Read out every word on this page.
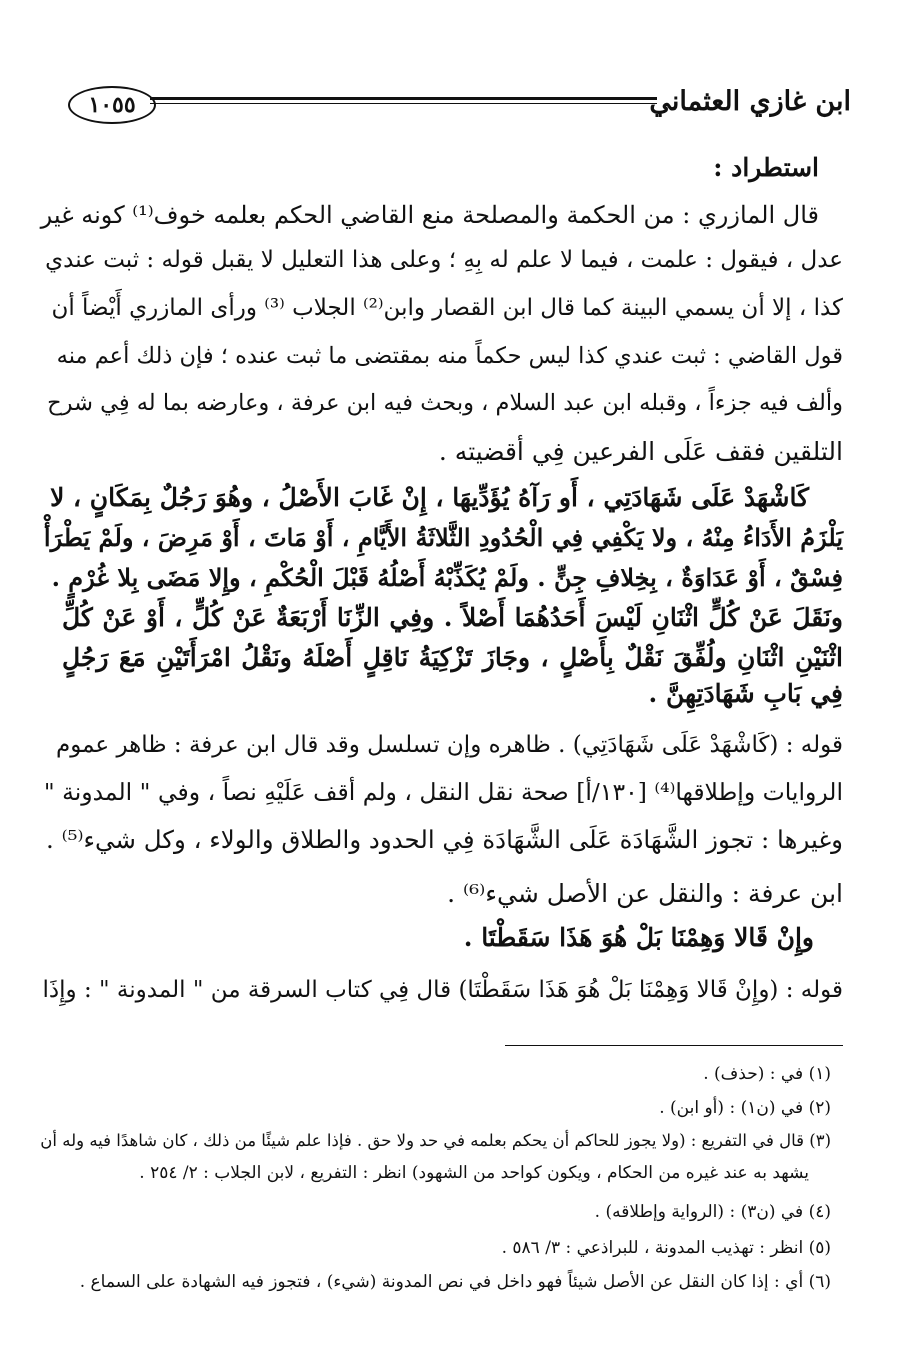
ابن غازي العثماني
١٠٥٥
استطراد :
قال المازري : من الحكمة والمصلحة منع القاضي الحكم بعلمه خوف⁽¹⁾ كونه غير
عدل ، فيقول : علمت ، فيما لا علم له بِهِ ؛ وعلى هذا التعليل لا يقبل قوله : ثبت عندي
كذا ، إلا أن يسمي البينة كما قال ابن القصار وابن⁽²⁾ الجلاب ⁽³⁾ ورأى المازري أَيْضاً أن
قول القاضي : ثبت عندي كذا ليس حكماً منه بمقتضى ما ثبت عنده ؛ فإن ذلك أعم منه
وألف فيه جزءاً ، وقبله ابن عبد السلام ، وبحث فيه ابن عرفة ، وعارضه بما له فِي شرح
التلقين فقف عَلَى الفرعين فِي أقضيته .
كَاشْهَدْ عَلَى شَهَادَتِي ، أَو رَآهُ يُؤَدِّيهَا ، إِنْ غَابَ الأَصْلُ ، وهُوَ رَجُلٌ بِمَكَانٍ ، لا
يَلْزَمُ الأَدَاءُ مِنْهُ ، ولا يَكْفِي فِي الْحُدُودِ الثَّلاثَةُ الأَيَّامِ ، أَوْ مَاتَ ، أَوْ مَرِضَ ، ولَمْ يَطْرَأْ
فِسْقٌ ، أَوْ عَدَاوَةٌ ، بِخِلافِ جِنٍّ . ولَمْ يُكَذِّبْهُ أَصْلُهُ قَبْلَ الْحُكْمِ ، وإِلا مَضَى بِلا غُرْمٍ .
ونَقَلَ عَنْ كُلٍّ اثْنَانِ لَيْسَ أَحَدُهُمَا أَصْلاً . وفِي الزِّنَا أَرْبَعَةٌ عَنْ كُلٍّ ، أَوْ عَنْ كُلِّ
اثْنَيْنِ اثْنَانِ ولُفِّقَ نَقْلٌ بِأَصْلٍ ، وجَازَ تَزْكِيَةُ نَاقِلٍ أَصْلَهُ ونَقْلُ امْرَأَتَيْنِ مَعَ رَجُلٍ
فِي بَابِ شَهَادَتِهِنَّ .
قوله : (كَاشْهَدْ عَلَى شَهَادَتِي) . ظاهره وإن تسلسل وقد قال ابن عرفة : ظاهر عموم
الروايات وإطلاقها⁽⁴⁾ [١٣٠/أ] صحة نقل النقل ، ولم أقف عَلَيْهِ نصاً ، وفي " المدونة "
وغيرها : تجوز الشَّهَادَة عَلَى الشَّهَادَة فِي الحدود والطلاق والولاء ، وكل شيء⁽⁵⁾ .
ابن عرفة : والنقل عن الأصل شيء⁽⁶⁾ .
وإِنْ قَالا وَهِمْنَا بَلْ هُوَ هَذَا سَقَطْتَا .
قوله : (وإِنْ قَالا وَهِمْنَا بَلْ هُوَ هَذَا سَقَطْتَا) قال فِي كتاب السرقة من " المدونة " : وإِذَا
(١) في : (حذف) .
(٢) في (ن١) : (أو ابن) .
(٣) قال في التفريع : (ولا يجوز للحاكم أن يحكم بعلمه في حد ولا حق . فإذا علم شيئًا من ذلك ، كان شاهدًا فيه وله أن
يشهد به عند غيره من الحكام ، ويكون كواحد من الشهود) انظر : التفريع ، لابن الجلاب : ٢/ ٢٥٤ .
(٤) في (ن٣) : (الرواية وإطلاقه) .
(٥) انظر : تهذيب المدونة ، للبراذعي : ٣/ ٥٨٦ .
(٦) أي : إذا كان النقل عن الأصل شيئاً فهو داخل في نص المدونة (شيء) ، فتجوز فيه الشهادة على السماع .
